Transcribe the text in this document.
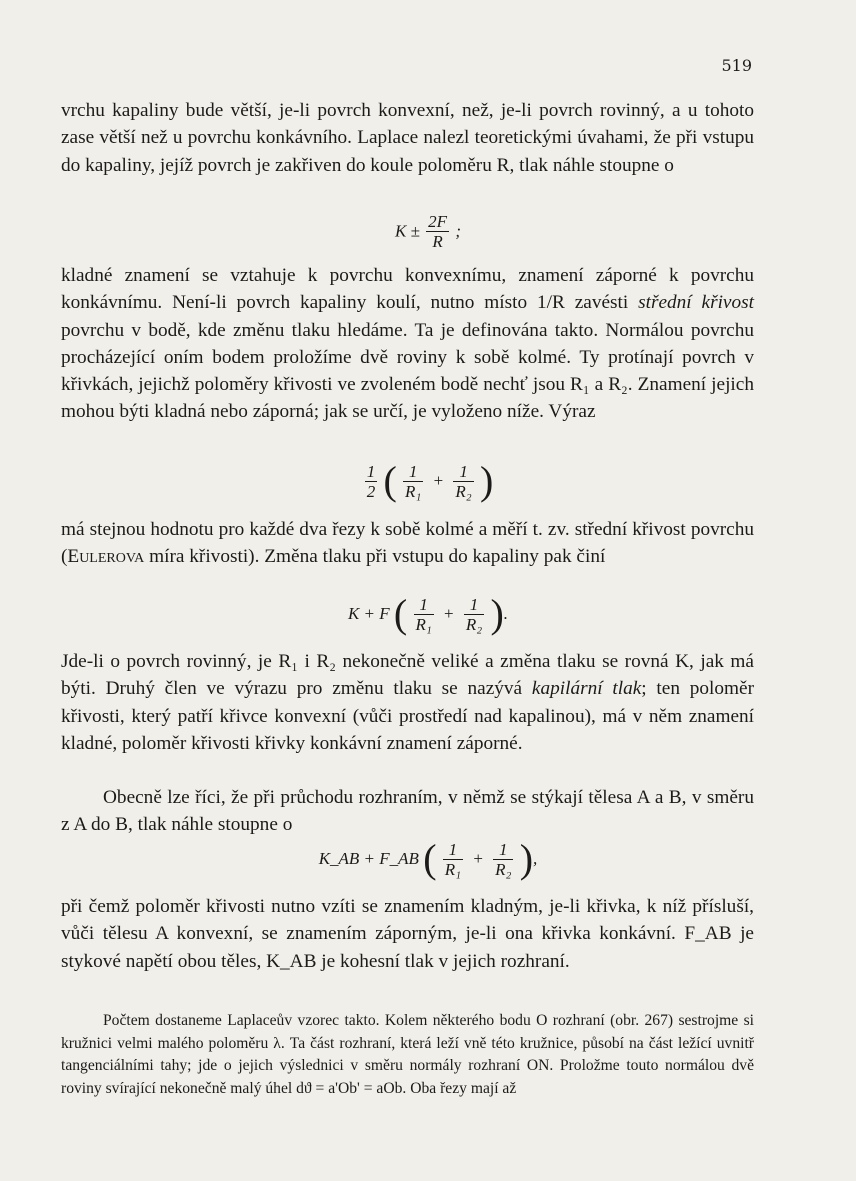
519

vrchu kapaliny bude větší, je-li povrch konvexní, než, je-li povrch rovinný, a u tohoto zase větší než u povrchu konkávního. Laplace nalezl teoretickými úvahami, že při vstupu do kapaliny, jejíž povrch je zakřiven do koule poloměru R, tlak náhle stoupne o

$K \pm \frac{2F}{R}$ ;

kladné znamení se vztahuje k povrchu konvexnímu, znamení záporné k povrchu konkávnímu. Není-li povrch kapaliny koulí, nutno místo 1/R zavésti střední křivost povrchu v bodě, kde změnu tlaku hledáme. Ta je definována takto. Normálou povrchu procházející oním bodem proložíme dvě roviny k sobě kolmé. Ty protínají povrch v křivkách, jejichž poloměry křivosti ve zvoleném bodě nechť jsou R₁ a R₂. Znamení jejich mohou býti kladná nebo záporná; jak se určí, je vyloženo níže. Výraz

$\frac{1}{2}$ ( $\frac{1}{\text{R₁}} + \frac{1}{\text{R₂}}$ )

má stejnou hodnotu pro každé dva řezy k sobě kolmé a měří t. zv. střední křivost povrchu (Eulerova míra křivosti). Změna tlaku při vstupu do kapaliny pak činí

K + F ( $\frac{1}{\text{R₁}} + \frac{1}{\text{R₂}}$ ).

Jde-li o povrch rovinný, je R₁ i R₂ nekonečně veliké a změna tlaku se rovná K, jak má býti. Druhý člen ve výrazu pro změnu tlaku se nazývá kapilární tlak; ten poloměr křivosti, který patří křivce konvexní (vůči prostředí nad kapalinou), má v něm znamení kladné, poloměr křivosti křivky konkávní znamení záporné.

Obecně lze říci, že při průchodu rozhraním, v němž se stýkají tělesa A a B, v směru z A do B, tlak náhle stoupne o

K_AB + F_AB ( $\frac{1}{\text{R₁}} + \frac{1}{\text{R₂}}$ ),

při čemž poloměr křivosti nutno vzíti se znamením kladným, je-li křivka, k níž přísluší, vůči tělesu A konvexní, se znamením záporným, je-li ona křivka konkávní. F_AB je stykové napětí obou těles, K_AB je kohesní tlak v jejich rozhraní.

Počtem dostaneme Laplaceův vzorec takto. Kolem některého bodu O rozhraní (obr. 267) sestrojme si kružnici velmi malého poloměru λ. Ta část rozhraní, která leží vně této kružnice, působí na část ležící uvnitř tangenciálními tahy; jde o jejich výslednici v směru normály rozhraní ON. Proložme touto normálou dvě roviny svírající nekonečně malý úhel dϑ = a'Ob' = aOb. Oba řezy mají až
